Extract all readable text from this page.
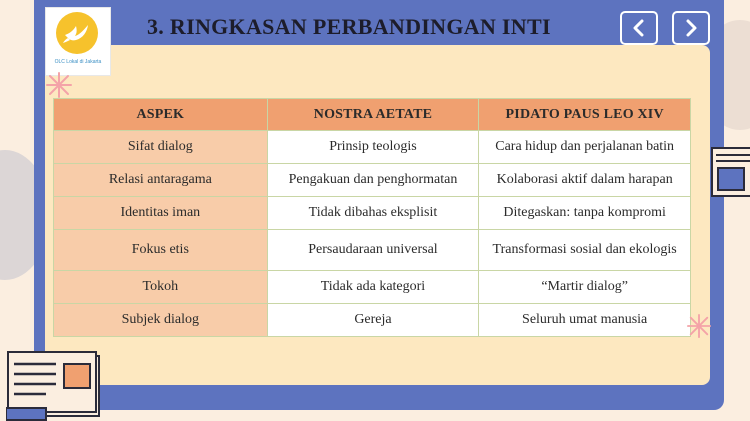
OLC Lokal di Jakarta
3. RINGKASAN PERBANDINGAN INTI
ASPEK	NOSTRA AETATE	PIDATO PAUS LEO XIV
Sifat dialog	Prinsip teologis	Cara hidup dan perjalanan batin
Relasi antaragama	Pengakuan dan penghormatan	Kolaborasi aktif dalam harapan
Identitas iman	Tidak dibahas eksplisit	Ditegaskan: tanpa kompromi
Fokus etis	Persaudaraan universal	Transformasi sosial dan ekologis
Tokoh	Tidak ada kategori	“Martir dialog”
Subjek dialog	Gereja	Seluruh umat manusia
